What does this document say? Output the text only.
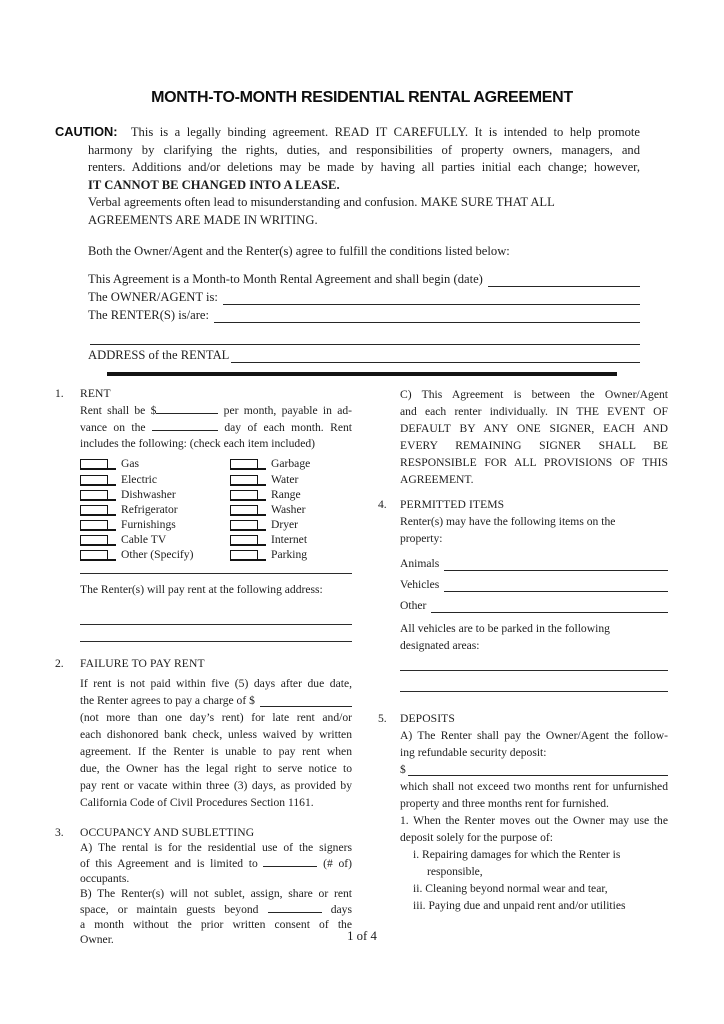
MONTH-TO-MONTH RESIDENTIAL RENTAL AGREEMENT
CAUTION: This is a legally binding agreement. READ IT CAREFULLY. It is intended to help promote
harmony by clarifying the rights, duties, and responsibilities of property owners, managers, and
renters. Additions and/or deletions may be made by having all parties initial each change; however,
IT CANNOT BE CHANGED INTO A LEASE.
Verbal agreements often lead to misunderstanding and confusion. MAKE SURE THAT ALL
AGREEMENTS ARE MADE IN WRITING.
Both the Owner/Agent and the Renter(s) agree to fulfill the conditions listed below:
This Agreement is a Month-to Month Rental Agreement and shall begin (date)
The OWNER/AGENT is:
The RENTER(S) is/are:
ADDRESS of the RENTAL
1.	RENT
Rent shall be $	per month, payable in ad-
vance on the	day of each month. Rent
includes the following: (check each item included)
Gas	Garbage
Electric	Water
Dishwasher	Range
Refrigerator	Washer
Furnishings	Dryer
Cable TV	Internet
Other (Specify)	Parking
The Renter(s) will pay rent at the following address:
2.	FAILURE TO PAY RENT
If rent is not paid within five (5) days after due date,
the Renter agrees to pay a charge of $
(not more than one day’s rent) for late rent and/or
each dishonored bank check, unless waived by written
agreement. If the Renter is unable to pay rent when
due, the Owner has the legal right to serve notice to
pay rent or vacate within three (3) days, as provided by
California Code of Civil Procedures Section 1161.
3.	OCCUPANCY AND SUBLETTING
A) The rental is for the residential use of the signers
of this Agreement and is limited to	(# of)
occupants.
B) The Renter(s) will not sublet, assign, share or rent
space, or maintain guests beyond	days
a month without the prior written consent of the
Owner.
C) This Agreement is between the Owner/Agent
and each renter individually. IN THE EVENT OF
DEFAULT BY ANY ONE SIGNER, EACH AND
EVERY REMAINING SIGNER SHALL BE
RESPONSIBLE FOR ALL PROVISIONS OF THIS
AGREEMENT.
4.	PERMITTED ITEMS
Renter(s) may have the following items on the
property:
Animals
Vehicles
Other
All vehicles are to be parked in the following
designated areas:
5.	DEPOSITS
A) The Renter shall pay the Owner/Agent the follow-
ing refundable security deposit:
$
which shall not exceed two months rent for unfurnished
property and three months rent for furnished.
1. When the Renter moves out the Owner may use the
deposit solely for the purpose of:
i. Repairing damages for which the Renter is
responsible,
ii. Cleaning beyond normal wear and tear,
iii. Paying due and unpaid rent and/or utilities
1 of 4
